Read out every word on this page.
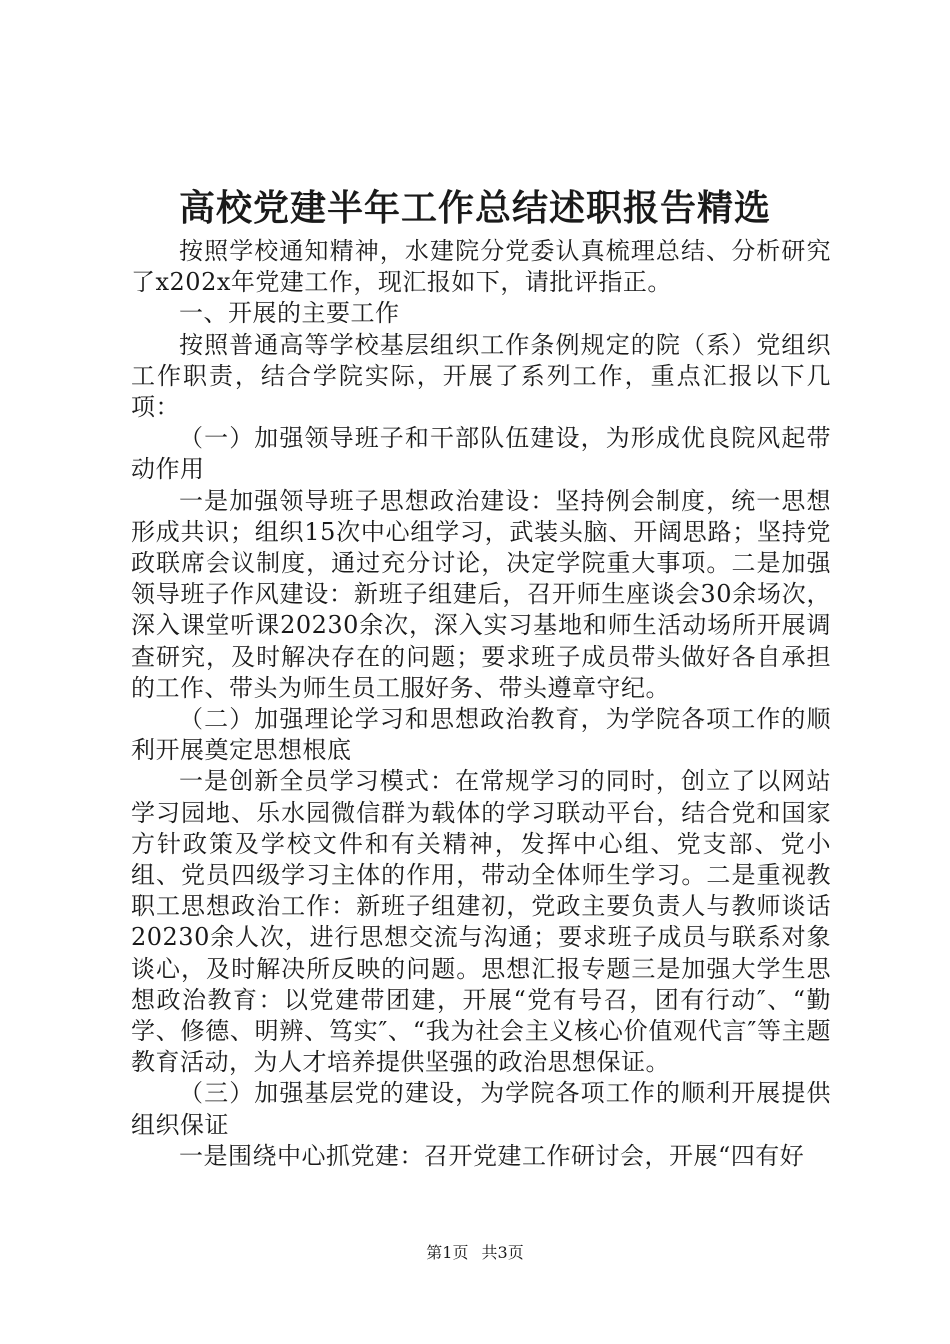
高校党建半年工作总结述职报告精选

按照学校通知精神，水建院分党委认真梳理总结、分析研究了x202x年党建工作，现汇报如下，请批评指正。

一、开展的主要工作

按照普通高等学校基层组织工作条例规定的院（系）党组织工作职责，结合学院实际，开展了系列工作，重点汇报以下几项：

（一）加强领导班子和干部队伍建设，为形成优良院风起带动作用

一是加强领导班子思想政治建设：坚持例会制度，统一思想形成共识；组织15次中心组学习，武装头脑、开阔思路；坚持党政联席会议制度，通过充分讨论，决定学院重大事项。二是加强领导班子作风建设：新班子组建后，召开师生座谈会30余场次，深入课堂听课20230余次，深入实习基地和师生活动场所开展调查研究，及时解决存在的问题；要求班子成员带头做好各自承担的工作、带头为师生员工服好务、带头遵章守纪。

（二）加强理论学习和思想政治教育，为学院各项工作的顺利开展奠定思想根底

一是创新全员学习模式：在常规学习的同时，创立了以网站学习园地、乐水园微信群为载体的学习联动平台，结合党和国家方针政策及学校文件和有关精神，发挥中心组、党支部、党小组、党员四级学习主体的作用，带动全体师生学习。二是重视教职工思想政治工作：新班子组建初，党政主要负责人与教师谈话20230余人次，进行思想交流与沟通；要求班子成员与联系对象谈心，及时解决所反映的问题。思想汇报专题三是加强大学生思想政治教育：以党建带团建，开展“党有号召，团有行动″、“勤学、修德、明辨、笃实″、“我为社会主义核心价值观代言″等主题教育活动，为人才培养提供坚强的政治思想保证。

（三）加强基层党的建设，为学院各项工作的顺利开展提供组织保证

一是围绕中心抓党建：召开党建工作研讨会，开展“四有好

第1页 共3页
